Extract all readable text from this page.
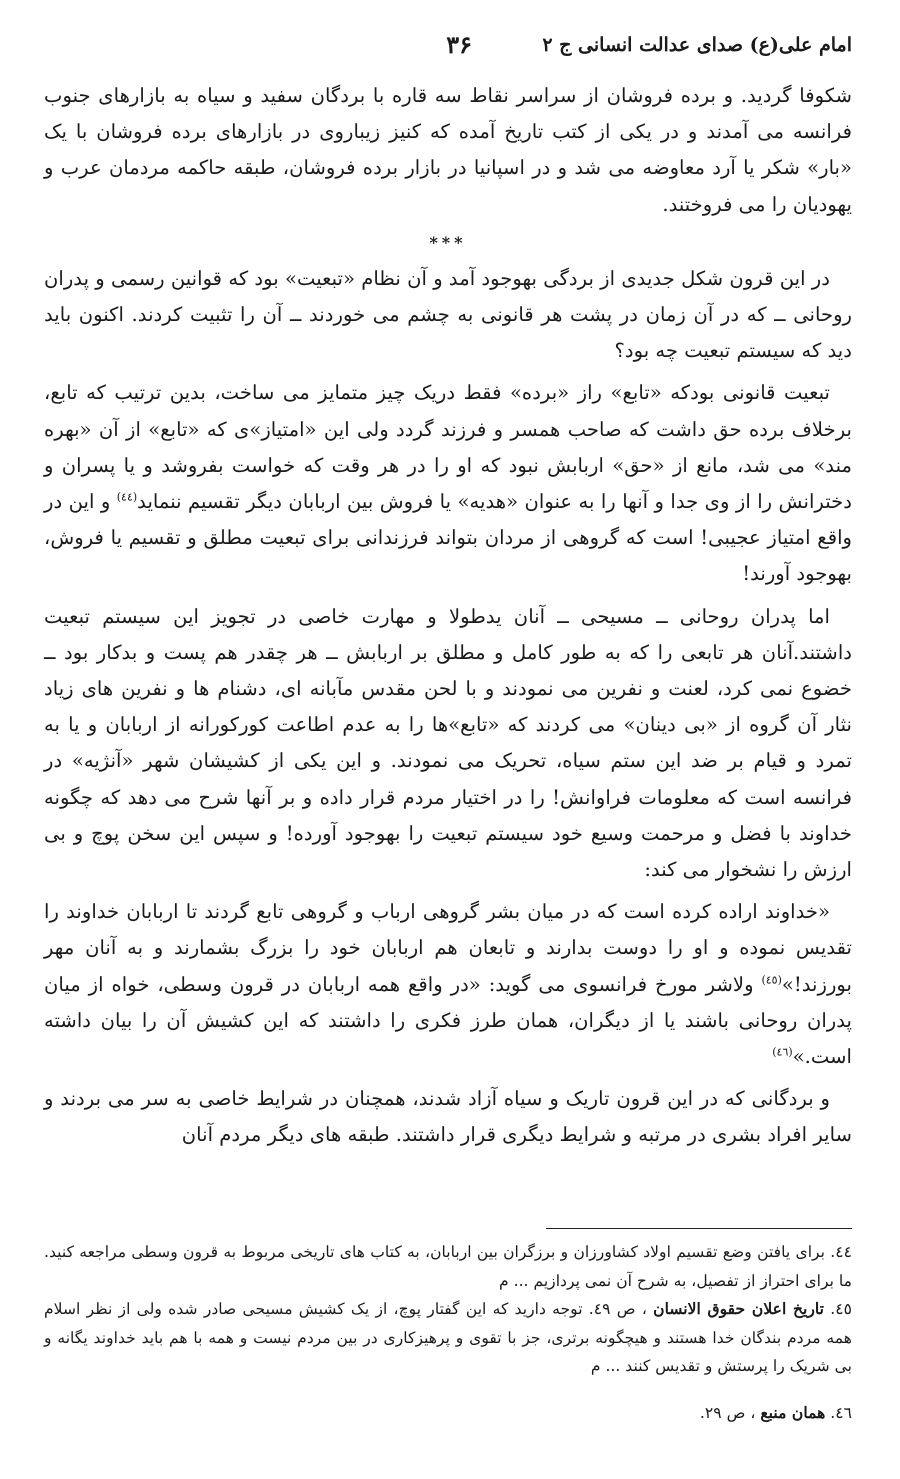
امام علی(ع) صدای عدالت انسانی ج ۲
۳۶

شکوفا گردید. و برده فروشان از سراسر نقاط سه قاره با بردگان سفید و سیاه به بازارهای جنوب فرانسه می آمدند و در یکی از کتب تاریخ آمده که کنیز زیباروی در بازارهای برده فروشان با یک «بار» شکر یا آرد معاوضه می شد و در اسپانیا در بازار برده فروشان، طبقه حاکمه مردمان عرب و یهودیان را می فروختند.

***

در این قرون شکل جدیدی از بردگی بهوجود آمد و آن نظام «تبعیت» بود که قوانین رسمی و پدران روحانی ــ که در آن زمان در پشت هر قانونی به چشم می خوردند ــ آن را تثبیت کردند. اکنون باید دید که سیستم تبعیت چه بود؟

تبعیت قانونی بودکه «تابع» راز «برده» فقط دریک چیز متمایز می ساخت، بدین ترتیب که تابع، برخلاف برده حق داشت که صاحب همسر و فرزند گردد ولی این «امتیاز»ی که «تابع» از آن «بهره مند» می شد، مانع از «حق» اربابش نبود که او را در هر وقت که خواست بفروشد و یا پسران و دخترانش را از وی جدا و آنها را به عنوان «هدیه» یا فروش بین اربابان دیگر تقسیم ننماید$^{(٤٤)}$ و این در واقع امتیاز عجیبی! است که گروهی از مردان بتواند فرزندانی برای تبعیت مطلق و تقسیم یا فروش، بهوجود آورند!

اما پدران روحانی ــ مسیحی ــ آنان یدطولا و مهارت خاصی در تجویز این سیستم تبعیت داشتند.آنان هر تابعی را که به طور کامل و مطلق بر اربابش ــ هر چقدر هم پست و بدکار بود ــ خضوع نمی کرد، لعنت و نفرین می نمودند و با لحن مقدس مآبانه ای، دشنام ها و نفرین های زیاد نثار آن گروه از «بی دینان» می کردند که «تابع»ها را به عدم اطاعت کورکورانه از اربابان و یا به تمرد و قیام بر ضد این ستم سیاه، تحریک می نمودند. و این یکی از کشیشان شهر «آنژیه» در فرانسه است که معلومات فراوانش! را در اختیار مردم قرار داده و بر آنها شرح می دهد که چگونه خداوند با فضل و مرحمت وسیع خود سیستم تبعیت را بهوجود آورده! و سپس این سخن پوچ و بی ارزش را نشخوار می کند:

«خداوند اراده کرده است که در میان بشر گروهی ارباب و گروهی تابع گردند تا اربابان خداوند را تقدیس نموده و او را دوست بدارند و تابعان هم اربابان خود را بزرگ بشمارند و به آنان مهر بورزند!»$^{(٤٥)}$ ولاشر مورخ فرانسوی می گوید: «در واقع همه اربابان در قرون وسطی، خواه از میان پدران روحانی باشند یا از دیگران، همان طرز فکری را داشتند که این کشیش آن را بیان داشته است.»$^{(٤٦)}$

و بردگانی که در این قرون تاریک و سیاه آزاد شدند، همچنان در شرایط خاصی به سر می بردند و سایر افراد بشری در مرتبه و شرایط دیگری قرار داشتند. طبقه های دیگر مردم آنان

٤٤. برای یافتن وضع تقسیم اولاد کشاورزان و برزگران بین اربابان، به کتاب های تاریخی مربوط به قرون وسطی مراجعه کنید. ما برای احتراز از تفصیل، به شرح آن نمی پردازیم ... م

٤٥. تاریخ اعلان حقوق الانسان ، ص ٤٩. توجه دارید که این گفتار پوچ، از یک کشیش مسیحی صادر شده ولی از نظر اسلام همه مردم بندگان خدا هستند و هیچگونه برتری، جز با تقوی و پرهیزکاری در بین مردم نیست و همه با هم باید خداوند یگانه و بی شریک را پرستش و تقدیس کنند ... م

٤٦. همان منبع ، ص ۲۹.
